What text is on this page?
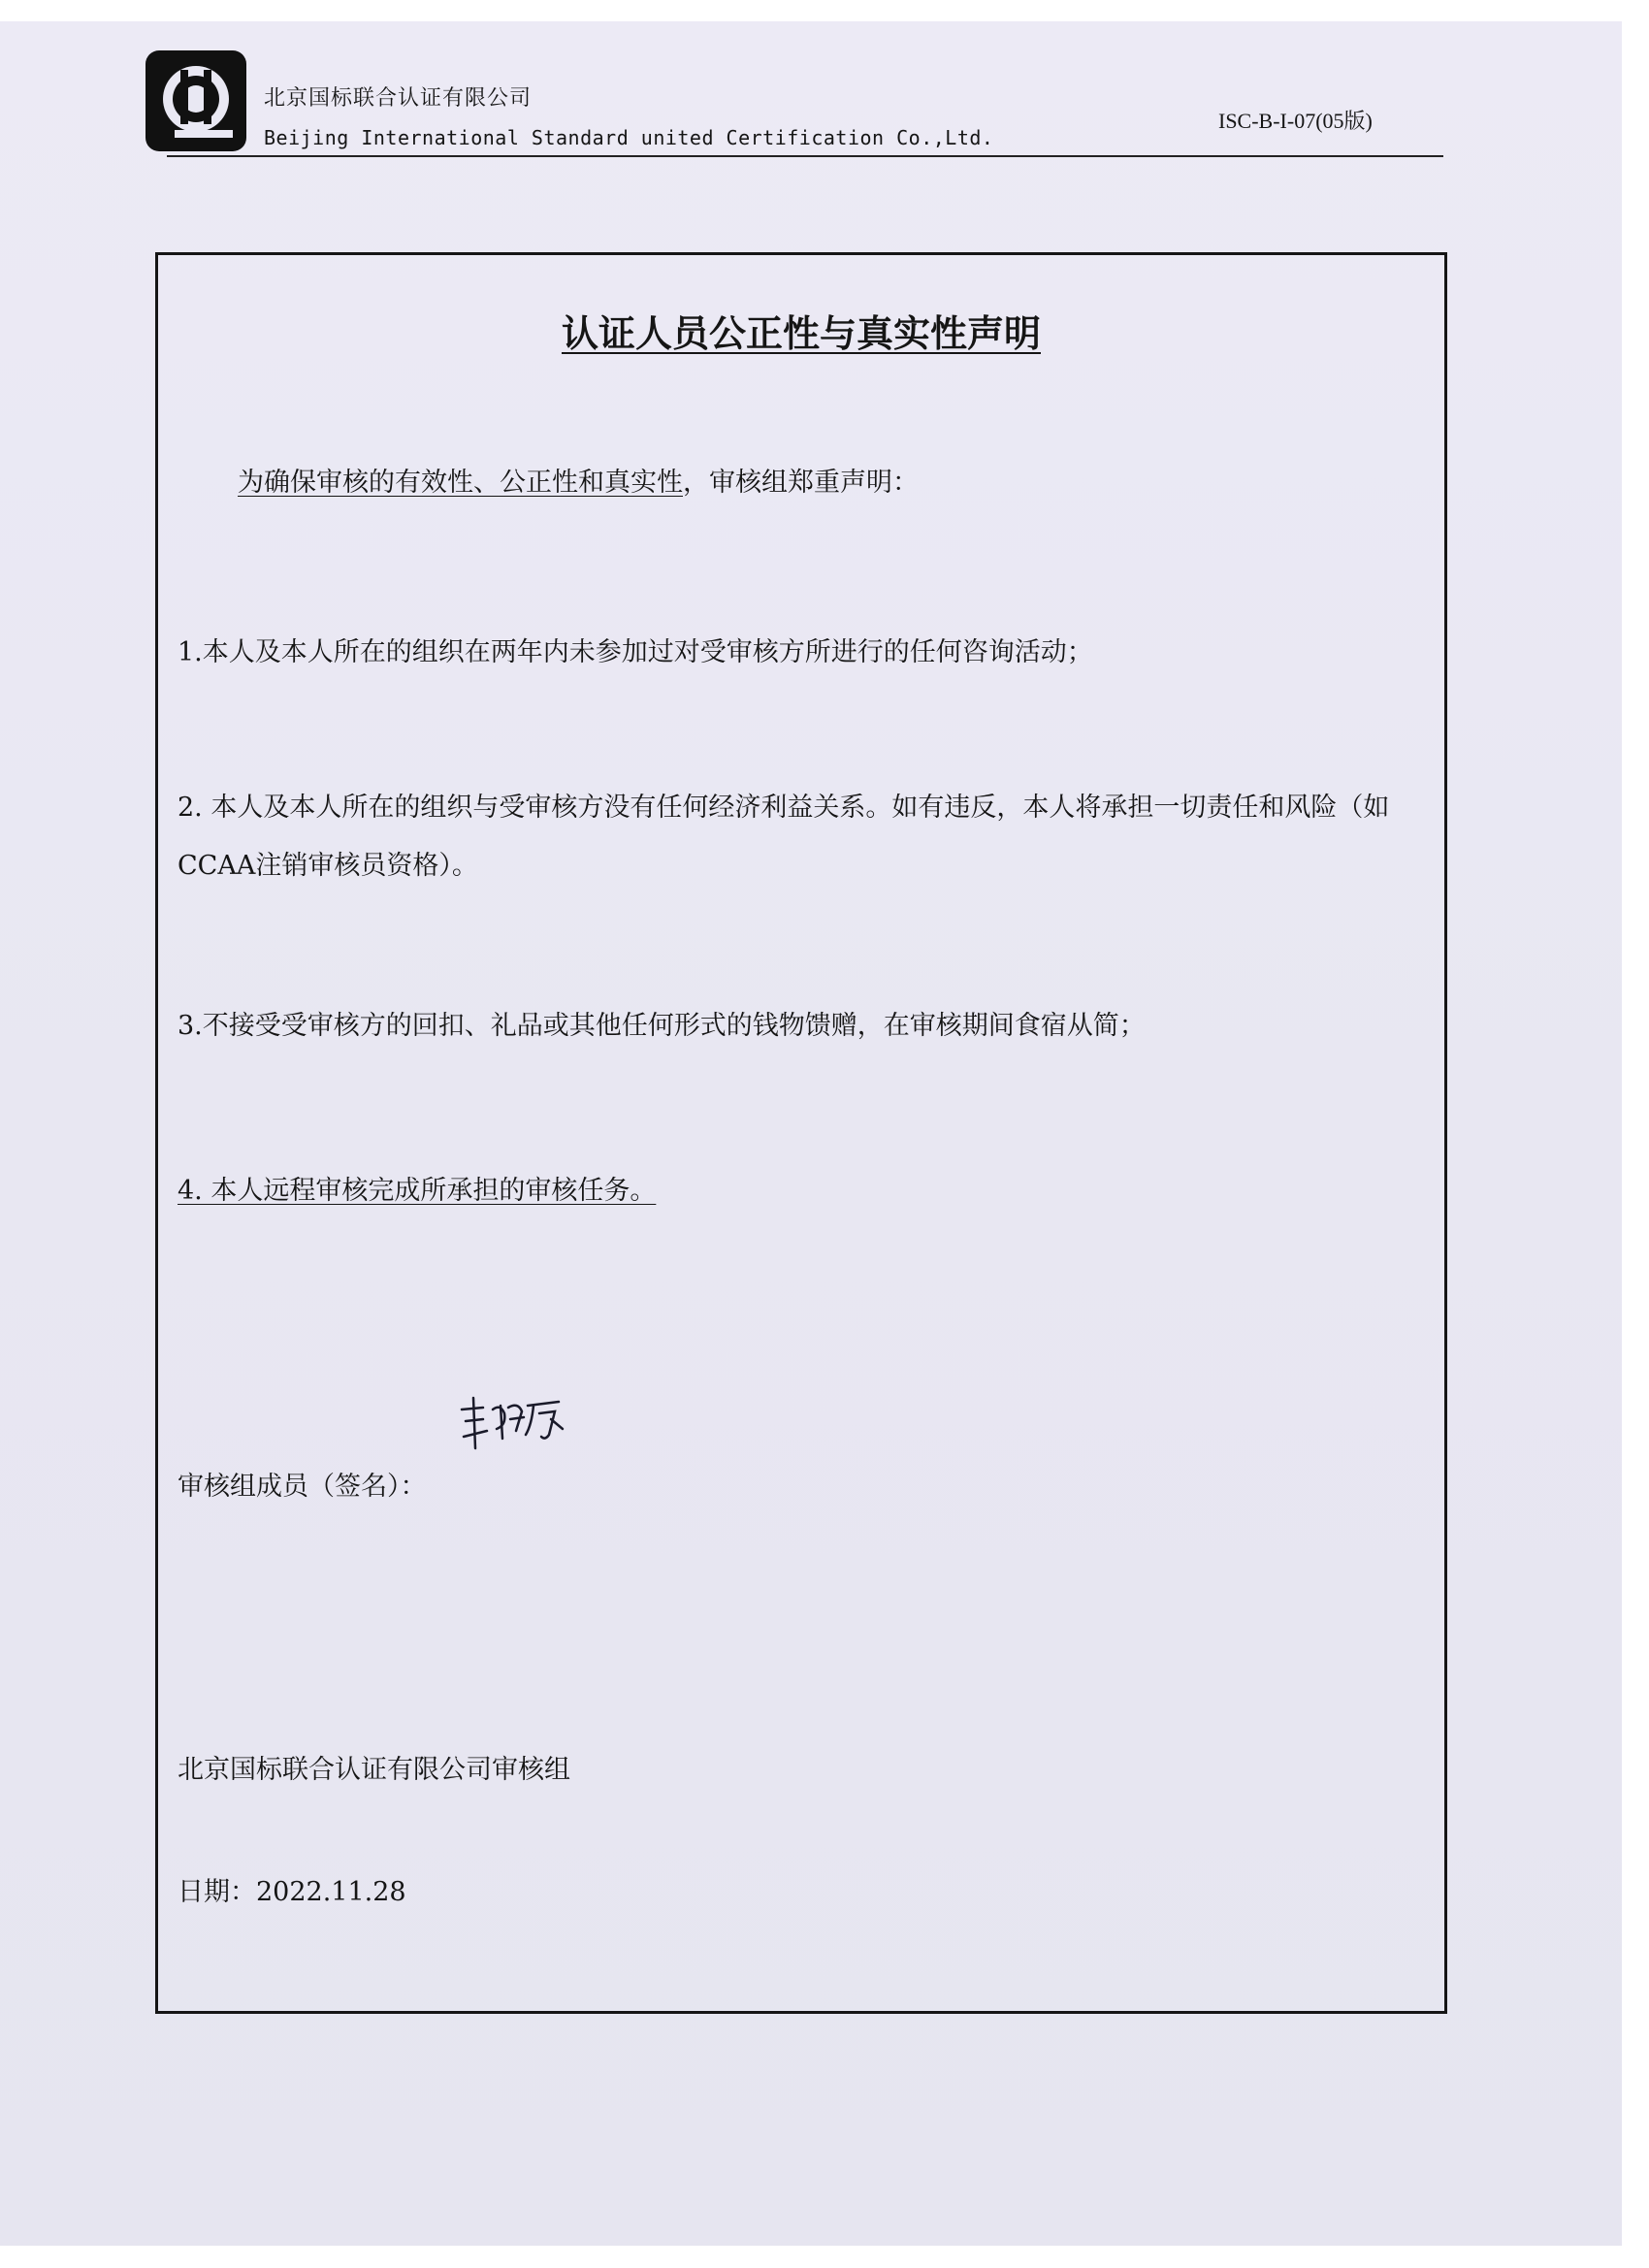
北京国标联合认证有限公司
Beijing International Standard united Certification Co.,Ltd.
ISC-B-I-07(05版)
认证人员公正性与真实性声明
为确保审核的有效性、公正性和真实性，审核组郑重声明：
1.本人及本人所在的组织在两年内未参加过对受审核方所进行的任何咨询活动；
2. 本人及本人所在的组织与受审核方没有任何经济利益关系。如有违反，本人将承担一切责任和风险（如CCAA注销审核员资格）。
3.不接受受审核方的回扣、礼品或其他任何形式的钱物馈赠，在审核期间食宿从简；
4. 本人远程审核完成所承担的审核任务。
审核组成员（签名）：
北京国标联合认证有限公司审核组
日期：2022.11.28
